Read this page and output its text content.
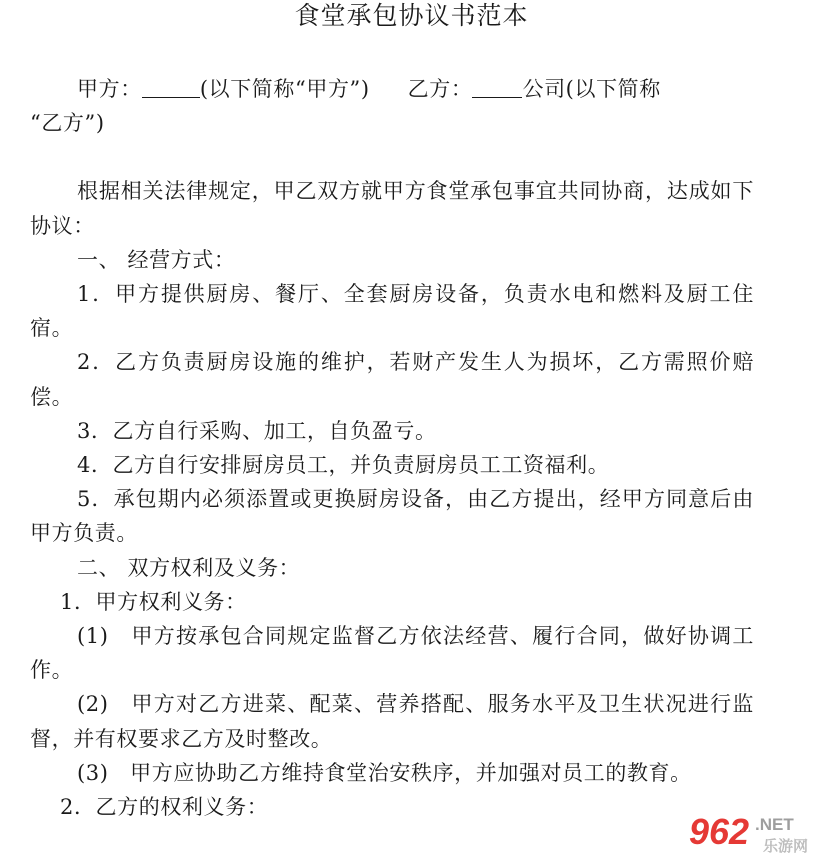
食堂承包协议书范本

甲方：	(以下简称“甲方”) 乙方： 公司(以下简称

“乙方”)

根据相关法律规定，甲乙双方就甲方食堂承包事宜共同协商，达成如下协议：

一、 经营方式：

1．甲方提供厨房、餐厅、全套厨房设备，负责水电和燃料及厨工住宿。

2．乙方负责厨房设施的维护，若财产发生人为损坏，乙方需照价赔偿。

3．乙方自行采购、加工，自负盈亏。

4．乙方自行安排厨房员工，并负责厨房员工工资福利。

5．承包期内必须添置或更换厨房设备，由乙方提出，经甲方同意后由甲方负责。

二、 双方权利及义务：

1．甲方权利义务：

(1)　甲方按承包合同规定监督乙方依法经营、履行合同，做好协调工作。

(2)　甲方对乙方进菜、配菜、营养搭配、服务水平及卫生状况进行监督，并有权要求乙方及时整改。

(3)　甲方应协助乙方维持食堂治安秩序，并加强对员工的教育。

2．乙方的权利义务：

962 .NET
乐游网
